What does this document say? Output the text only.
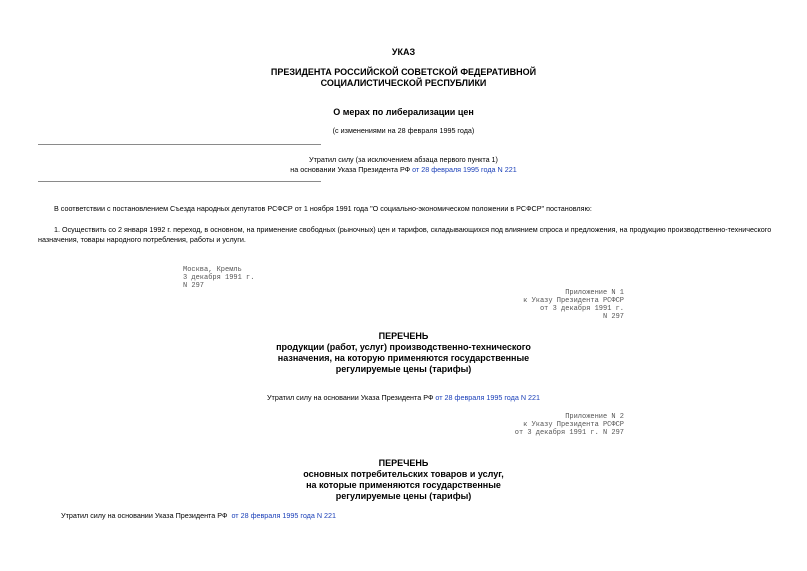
УКАЗ
ПРЕЗИДЕНТА РОССИЙСКОЙ СОВЕТСКОЙ ФЕДЕРАТИВНОЙ
СОЦИАЛИСТИЧЕСКОЙ РЕСПУБЛИКИ
О мерах по либерализации цен
(с изменениями на 28 февраля 1995 года)
Утратил силу (за исключением абзаца первого пункта 1)
на основании Указа Президента РФ от 28 февраля 1995 года N 221
В соответствии с постановлением Съезда народных депутатов РСФСР от 1 ноября 1991 года "О социально-экономическом положении в РСФСР" постановляю:
1. Осуществить со 2 января 1992 г. переход, в основном, на применение свободных (рыночных) цен и тарифов, складывающихся под влиянием спроса и предложения, на продукцию производственно-технического
назначения, товары народного потребления, работы и услуги.
Москва, Кремль
3 декабря 1991 г.
N 297
Приложение N 1
к Указу Президента РСФСР
от 3 декабря 1991 г.
N 297
ПЕРЕЧЕНЬ
продукции (работ, услуг) производственно-технического
назначения, на которую применяются государственные
регулируемые цены (тарифы)
Утратил силу на основании Указа Президента РФ от 28 февраля 1995 года N 221
Приложение N 2
к Указу Президента РСФСР
от 3 декабря 1991 г. N 297
ПЕРЕЧЕНЬ
основных потребительских товаров и услуг,
на которые применяются государственные
регулируемые цены (тарифы)
Утратил силу на основании Указа Президента РФ  от 28 февраля 1995 года N 221
